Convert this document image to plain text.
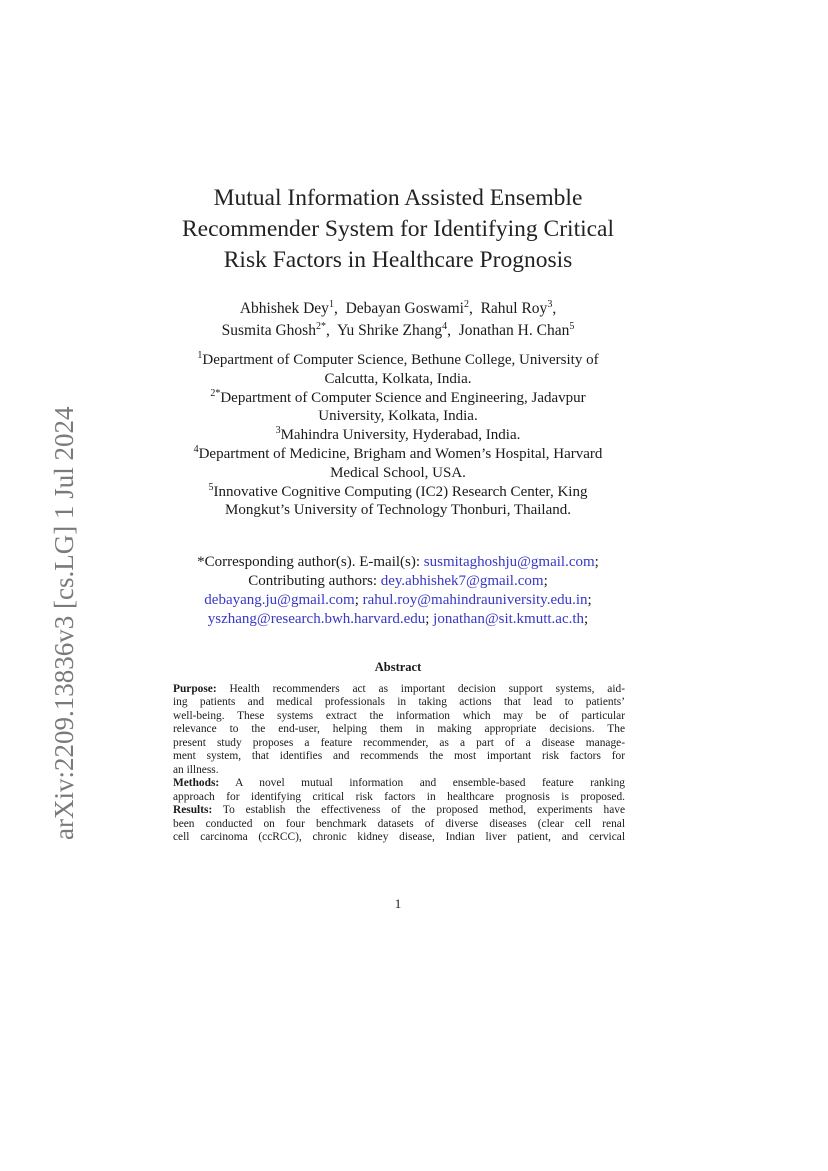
arXiv:2209.13836v3 [cs.LG] 1 Jul 2024
Mutual Information Assisted Ensemble
Recommender System for Identifying Critical
Risk Factors in Healthcare Prognosis
Abhishek Dey$^1$,  Debayan Goswami$^2$,  Rahul Roy$^3$,
Susmita Ghosh$^{2*}$,  Yu Shrike Zhang$^4$,  Jonathan H. Chan$^5$
$^1$Department of Computer Science, Bethune College, University of
Calcutta, Kolkata, India.
$^{2*}$Department of Computer Science and Engineering, Jadavpur
University, Kolkata, India.
$^3$Mahindra University, Hyderabad, India.
$^4$Department of Medicine, Brigham and Women’s Hospital, Harvard
Medical School, USA.
$^5$Innovative Cognitive Computing (IC2) Research Center, King
Mongkut’s University of Technology Thonburi, Thailand.
*Corresponding author(s). E-mail(s): susmitaghoshju@gmail.com;
Contributing authors: dey.abhishek7@gmail.com;
debayang.ju@gmail.com; rahul.roy@mahindrauniversity.edu.in;
yszhang@research.bwh.harvard.edu; jonathan@sit.kmutt.ac.th;
Abstract
Purpose: Health recommenders act as important decision support systems, aid-
ing patients and medical professionals in taking actions that lead to patients’
well-being. These systems extract the information which may be of particular
relevance to the end-user, helping them in making appropriate decisions. The
present study proposes a feature recommender, as a part of a disease manage-
ment system, that identifies and recommends the most important risk factors for
an illness.
Methods: A novel mutual information and ensemble-based feature ranking
approach for identifying critical risk factors in healthcare prognosis is proposed.
Results: To establish the effectiveness of the proposed method, experiments have
been conducted on four benchmark datasets of diverse diseases (clear cell renal
cell carcinoma (ccRCC), chronic kidney disease, Indian liver patient, and cervical
1
